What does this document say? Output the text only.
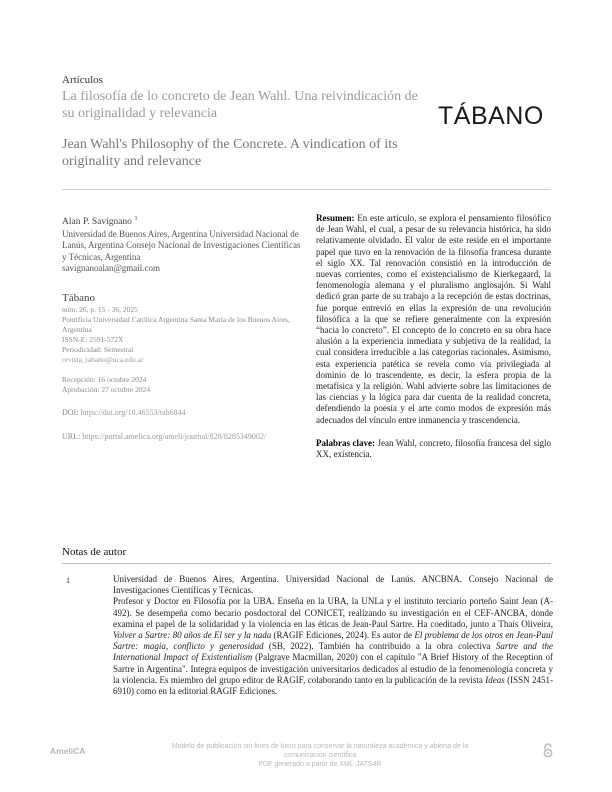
Artículos
La filosofía de lo concreto de Jean Wahl. Una reivindicación de su originalidad y relevancia
Jean Wahl's Philosophy of the Concrete. A vindication of its originality and relevance
TÁBANO
Alan P. Savignano $^1$
Universidad de Buenos Aires, Argentina Universidad Nacional de Lanús, Argentina Consejo Nacional de Investigaciones Científicas y Técnicas, Argentina
savignanoalan@gmail.com
Tábano
núm. 26, p. 15 - 36, 2025
Pontificia Universidad Católica Argentina Santa María de los Buenos Aires, Argentina
ISSN-E: 2591-572X
Periodicidad: Semestral
revista_tabano@uca.edu.ar
Recepción: 16 octubre 2024
Aprobación: 27 octubre 2024
DOI: https://doi.org/10.46553/tab6844
URL: https://portal.amelica.org/ameli/journal/828/8285349002/
Resumen: En este artículo, se explora el pensamiento filosófico de Jean Wahl, el cual, a pesar de su relevancia histórica, ha sido relativamente olvidado. El valor de este reside en el importante papel que tuvo en la renovación de la filosofía francesa durante el siglo XX. Tal renovación consistió en la introducción de nuevas corrientes, como el existencialismo de Kierkegaard, la fenomenología alemana y el pluralismo anglosajón. Si Wahl dedicó gran parte de su trabajo a la recepción de estas doctrinas, fue porque entrevió en ellas la expresión de una revolución filosófica a la que se refiere generalmente con la expresión “hacia lo concreto”. El concepto de lo concreto en su obra hace alusión a la experiencia inmediata y subjetiva de la realidad, la cual considera irreducible a las categorías racionales. Asimismo, esta experiencia patética se revela como vía privilegiada al dominio de lo trascendente, es decir, la esfera propia de la metafísica y la religión. Wahl advierte sobre las limitaciones de las ciencias y la lógica para dar cuenta de la realidad concreta, defendiendo la poesía y el arte como modos de expresión más adecuados del vínculo entre inmanencia y trascendencia.
Palabras clave: Jean Wahl, concreto, filosofía francesa del siglo XX, existencia.
Notas de autor
1	Universidad de Buenos Aires, Argentina. Universidad Nacional de Lanús. ANCBNA. Consejo Nacional de Investigaciones Científicas y Técnicas.

Profesor y Doctor en Filosofía por la UBA. Enseña en la UBA, la UNLa y el instituto terciario porteño Saint Jean (A-492). Se desempeña como becario posdoctoral del CONICET, realizando su investigación en el CEF-ANCBA, donde examina el papel de la solidaridad y la violencia en las éticas de Jean-Paul Sartre. Ha coeditado, junto a Thaís Oliveira, Volver a Sartre: 80 años de El ser y la nada (RAGIF Ediciones, 2024). Es autor de El problema de los otros en Jean-Paul Sartre: magia, conflicto y generosidad (SB, 2022). También ha contribuido a la obra colectiva Sartre and the International Impact of Existentialism (Palgrave Macmillan, 2020) con el capítulo "A Brief History of the Reception of Sartre in Argentina". Integra equipos de investigación universitarios dedicados al estudio de la fenomenología concreta y la violencia. Es miembro del grupo editor de RAGIF, colaborando tanto en la publicación de la revista Ideas (ISSN 2451-6910) como en la editorial RAGIF Ediciones.

AmeliCA	Modelo de publicación sin fines de lucro para conservar la naturaleza académica y abierta de la comunicación científica
PDF generado a partir de XML-JATS4R
